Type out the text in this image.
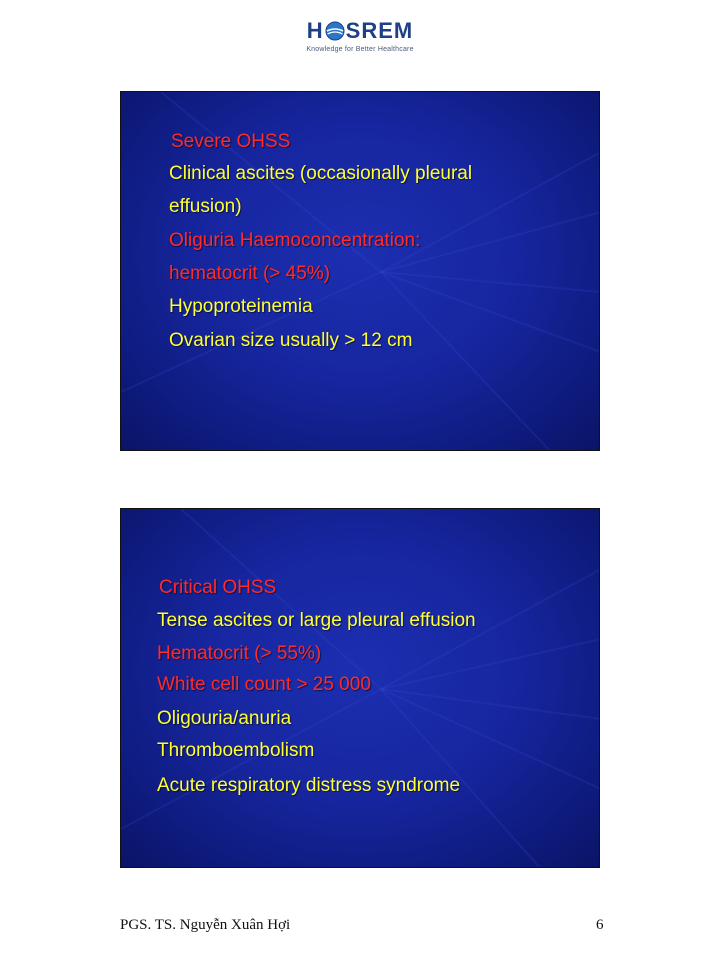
H SREM
Knowledge for Better Healthcare
Severe OHSS
Clinical ascites (occasionally pleural
effusion)
Oliguria Haemoconcentration:
hematocrit (> 45%)
Hypoproteinemia
Ovarian size usually > 12 cm
Critical OHSS
Tense ascites or large pleural effusion
Hematocrit (> 55%)
White cell count > 25 000
Oligouria/anuria
Thromboembolism
Acute respiratory distress syndrome
PGS. TS. Nguyễn Xuân Hợi	6
